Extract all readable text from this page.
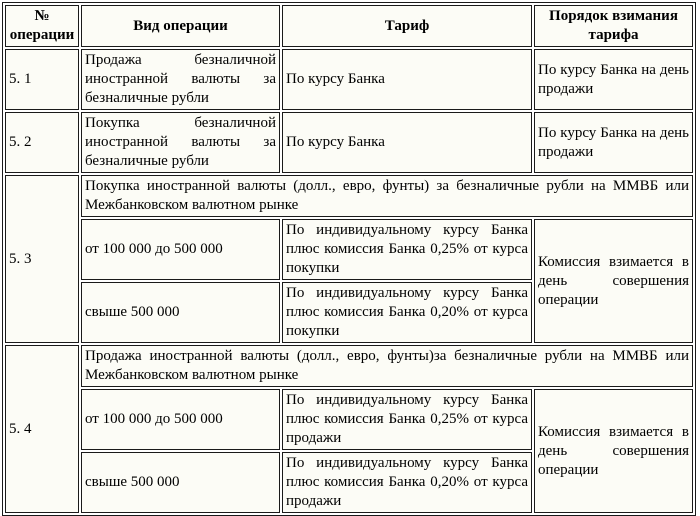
№ операции	Вид операции	Тариф	Порядок взимания тарифа
5. 1	Продажа безналичной иностранной валюты за безналичные рубли	По курсу Банка	По курсу Банка на день продажи
5. 2	Покупка безналичной иностранной валюты за безналичные рубли	По курсу Банка	По курсу Банка на день продажи
5. 3	Покупка иностранной валюты (долл., евро, фунты) за безналичные рубли на ММВБ или Межбанковском валютном рынке		
	от 100 000 до 500 000	По индивидуальному курсу Банка плюс комиссия Банка 0,25% от курса покупки	Комиссия взимается в день совершения операции
	свыше 500 000	По индивидуальному курсу Банка плюс комиссия Банка 0,20% от курса покупки	
5. 4	Продажа иностранной валюты (долл., евро, фунты)за безналичные рубли на ММВБ или Межбанковском валютном рынке		
	от 100 000 до 500 000	По индивидуальному курсу Банка плюс комиссия Банка 0,25% от курса продажи	Комиссия взимается в день совершения операции
	свыше 500 000	По индивидуальному курсу Банка плюс комиссия Банка 0,20% от курса продажи	
